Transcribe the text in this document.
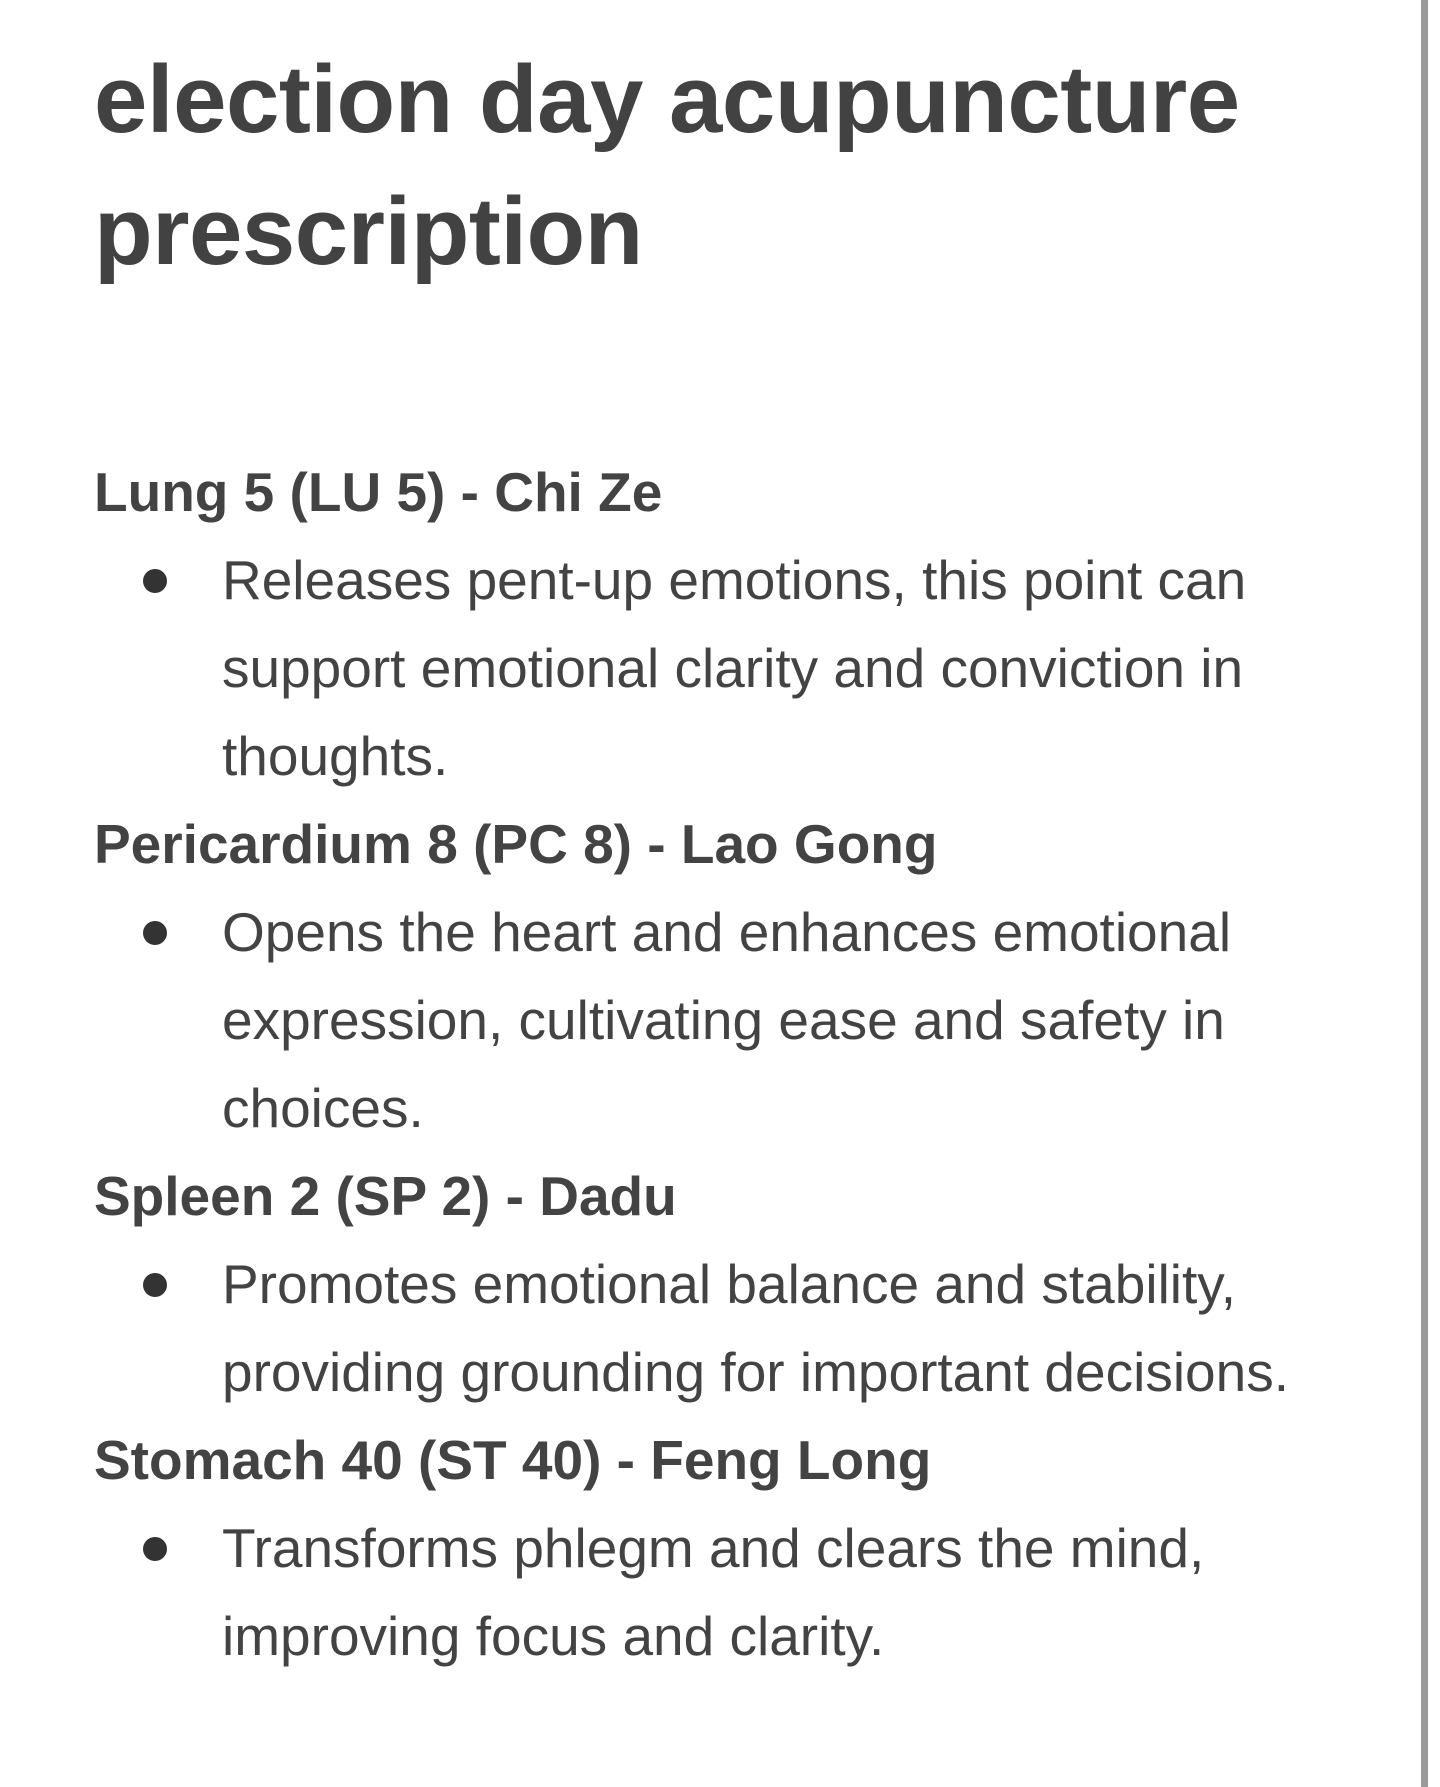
election day acupuncture prescription
Lung 5 (LU 5) - Chi Ze
Releases pent-up emotions, this point can support emotional clarity and conviction in thoughts.
Pericardium 8 (PC 8) - Lao Gong
Opens the heart and enhances emotional expression, cultivating ease and safety in choices.
Spleen 2 (SP 2) - Dadu
Promotes emotional balance and stability, providing grounding for important decisions.
Stomach 40 (ST 40) - Feng Long
Transforms phlegm and clears the mind, improving focus and clarity.
